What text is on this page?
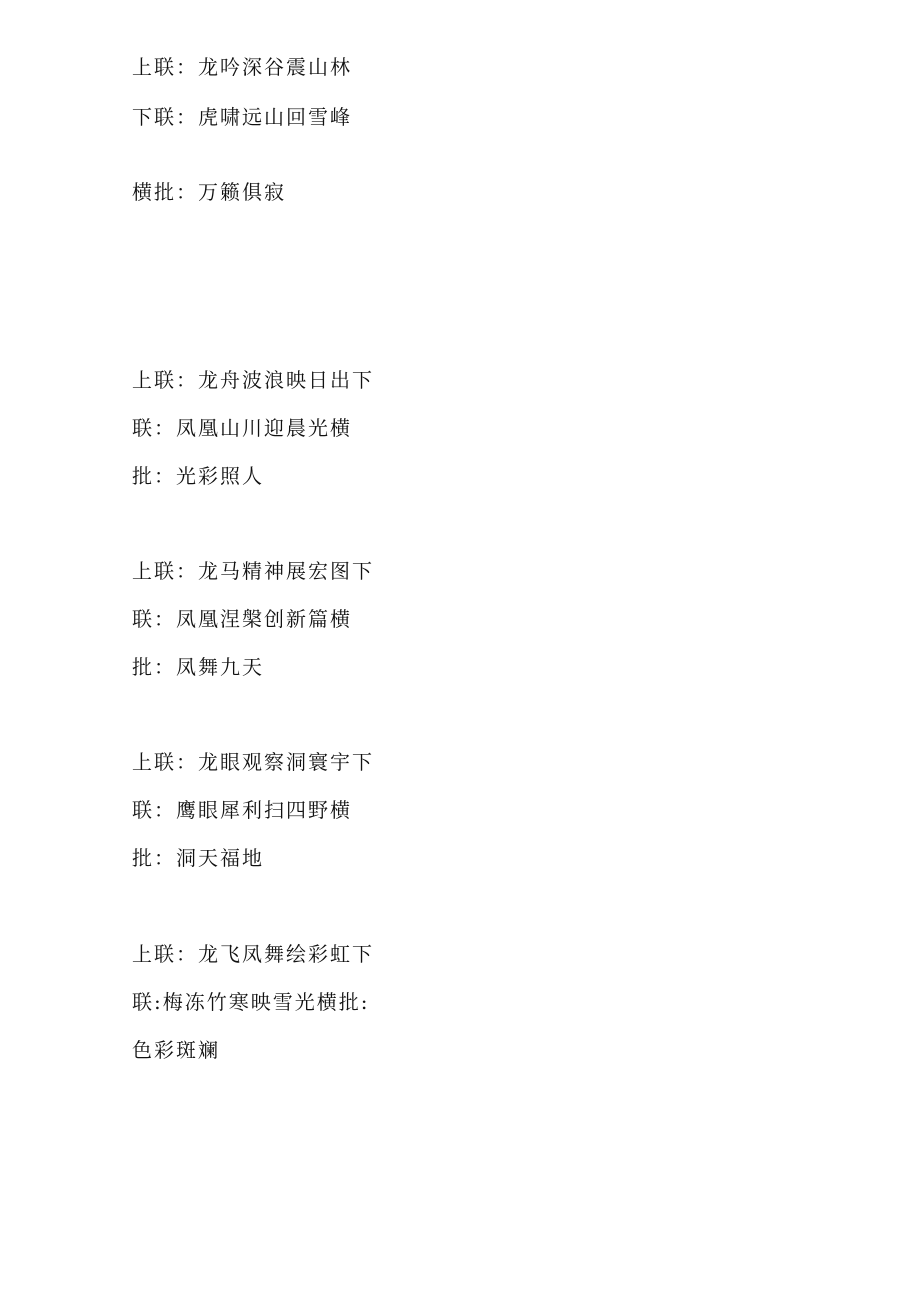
上联：龙吟深谷震山林

下联：虎啸远山回雪峰

横批：万籁俱寂

上联：龙舟波浪映日出下

联：凤凰山川迎晨光横

批：光彩照人

上联：龙马精神展宏图下

联：凤凰涅槃创新篇横

批：凤舞九天

上联：龙眼观察洞寰宇下

联：鹰眼犀利扫四野横

批：洞天福地

上联：龙飞凤舞绘彩虹下

联:梅冻竹寒映雪光横批:

色彩斑斓
